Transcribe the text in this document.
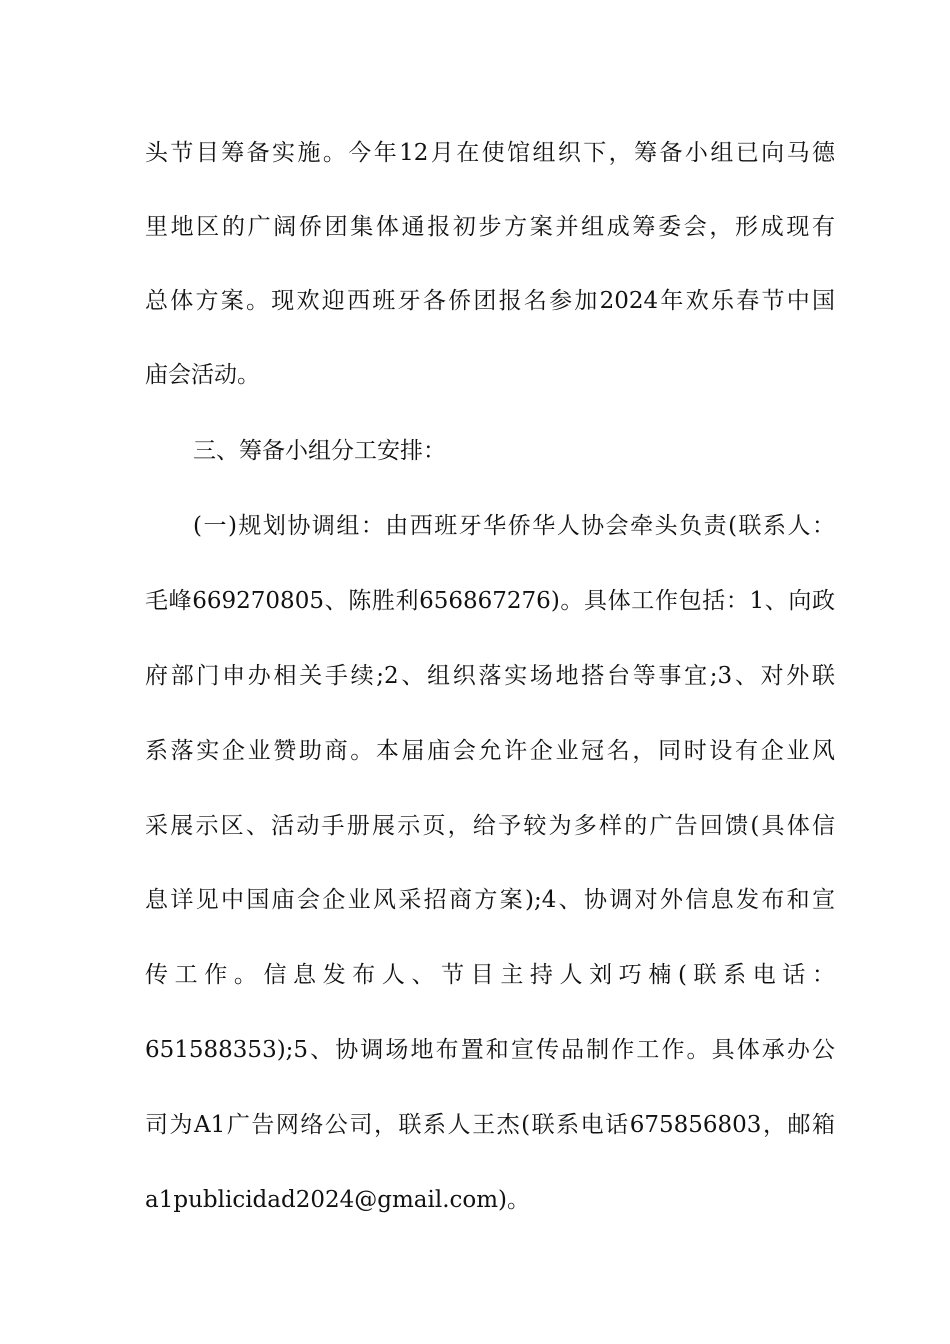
头节目筹备实施。今年12月在使馆组织下，筹备小组已向马德
里地区的广阔侨团集体通报初步方案并组成筹委会，形成现有
总体方案。现欢迎西班牙各侨团报名参加2024年欢乐春节中国
庙会活动。
三、筹备小组分工安排：
(一)规划协调组：由西班牙华侨华人协会牵头负责(联系人：
毛峰669270805、陈胜利656867276)。具体工作包括：1、向政
府部门申办相关手续;2、组织落实场地搭台等事宜;3、对外联
系落实企业赞助商。本届庙会允许企业冠名，同时设有企业风
采展示区、活动手册展示页，给予较为多样的广告回馈(具体信
息详见中国庙会企业风采招商方案);4、协调对外信息发布和宣
传工作。信息发布人、节目主持人刘巧楠(联系电话：
651588353);5、协调场地布置和宣传品制作工作。具体承办公
司为A1广告网络公司，联系人王杰(联系电话675856803，邮箱
a1publicidad2024@gmail.com)。
